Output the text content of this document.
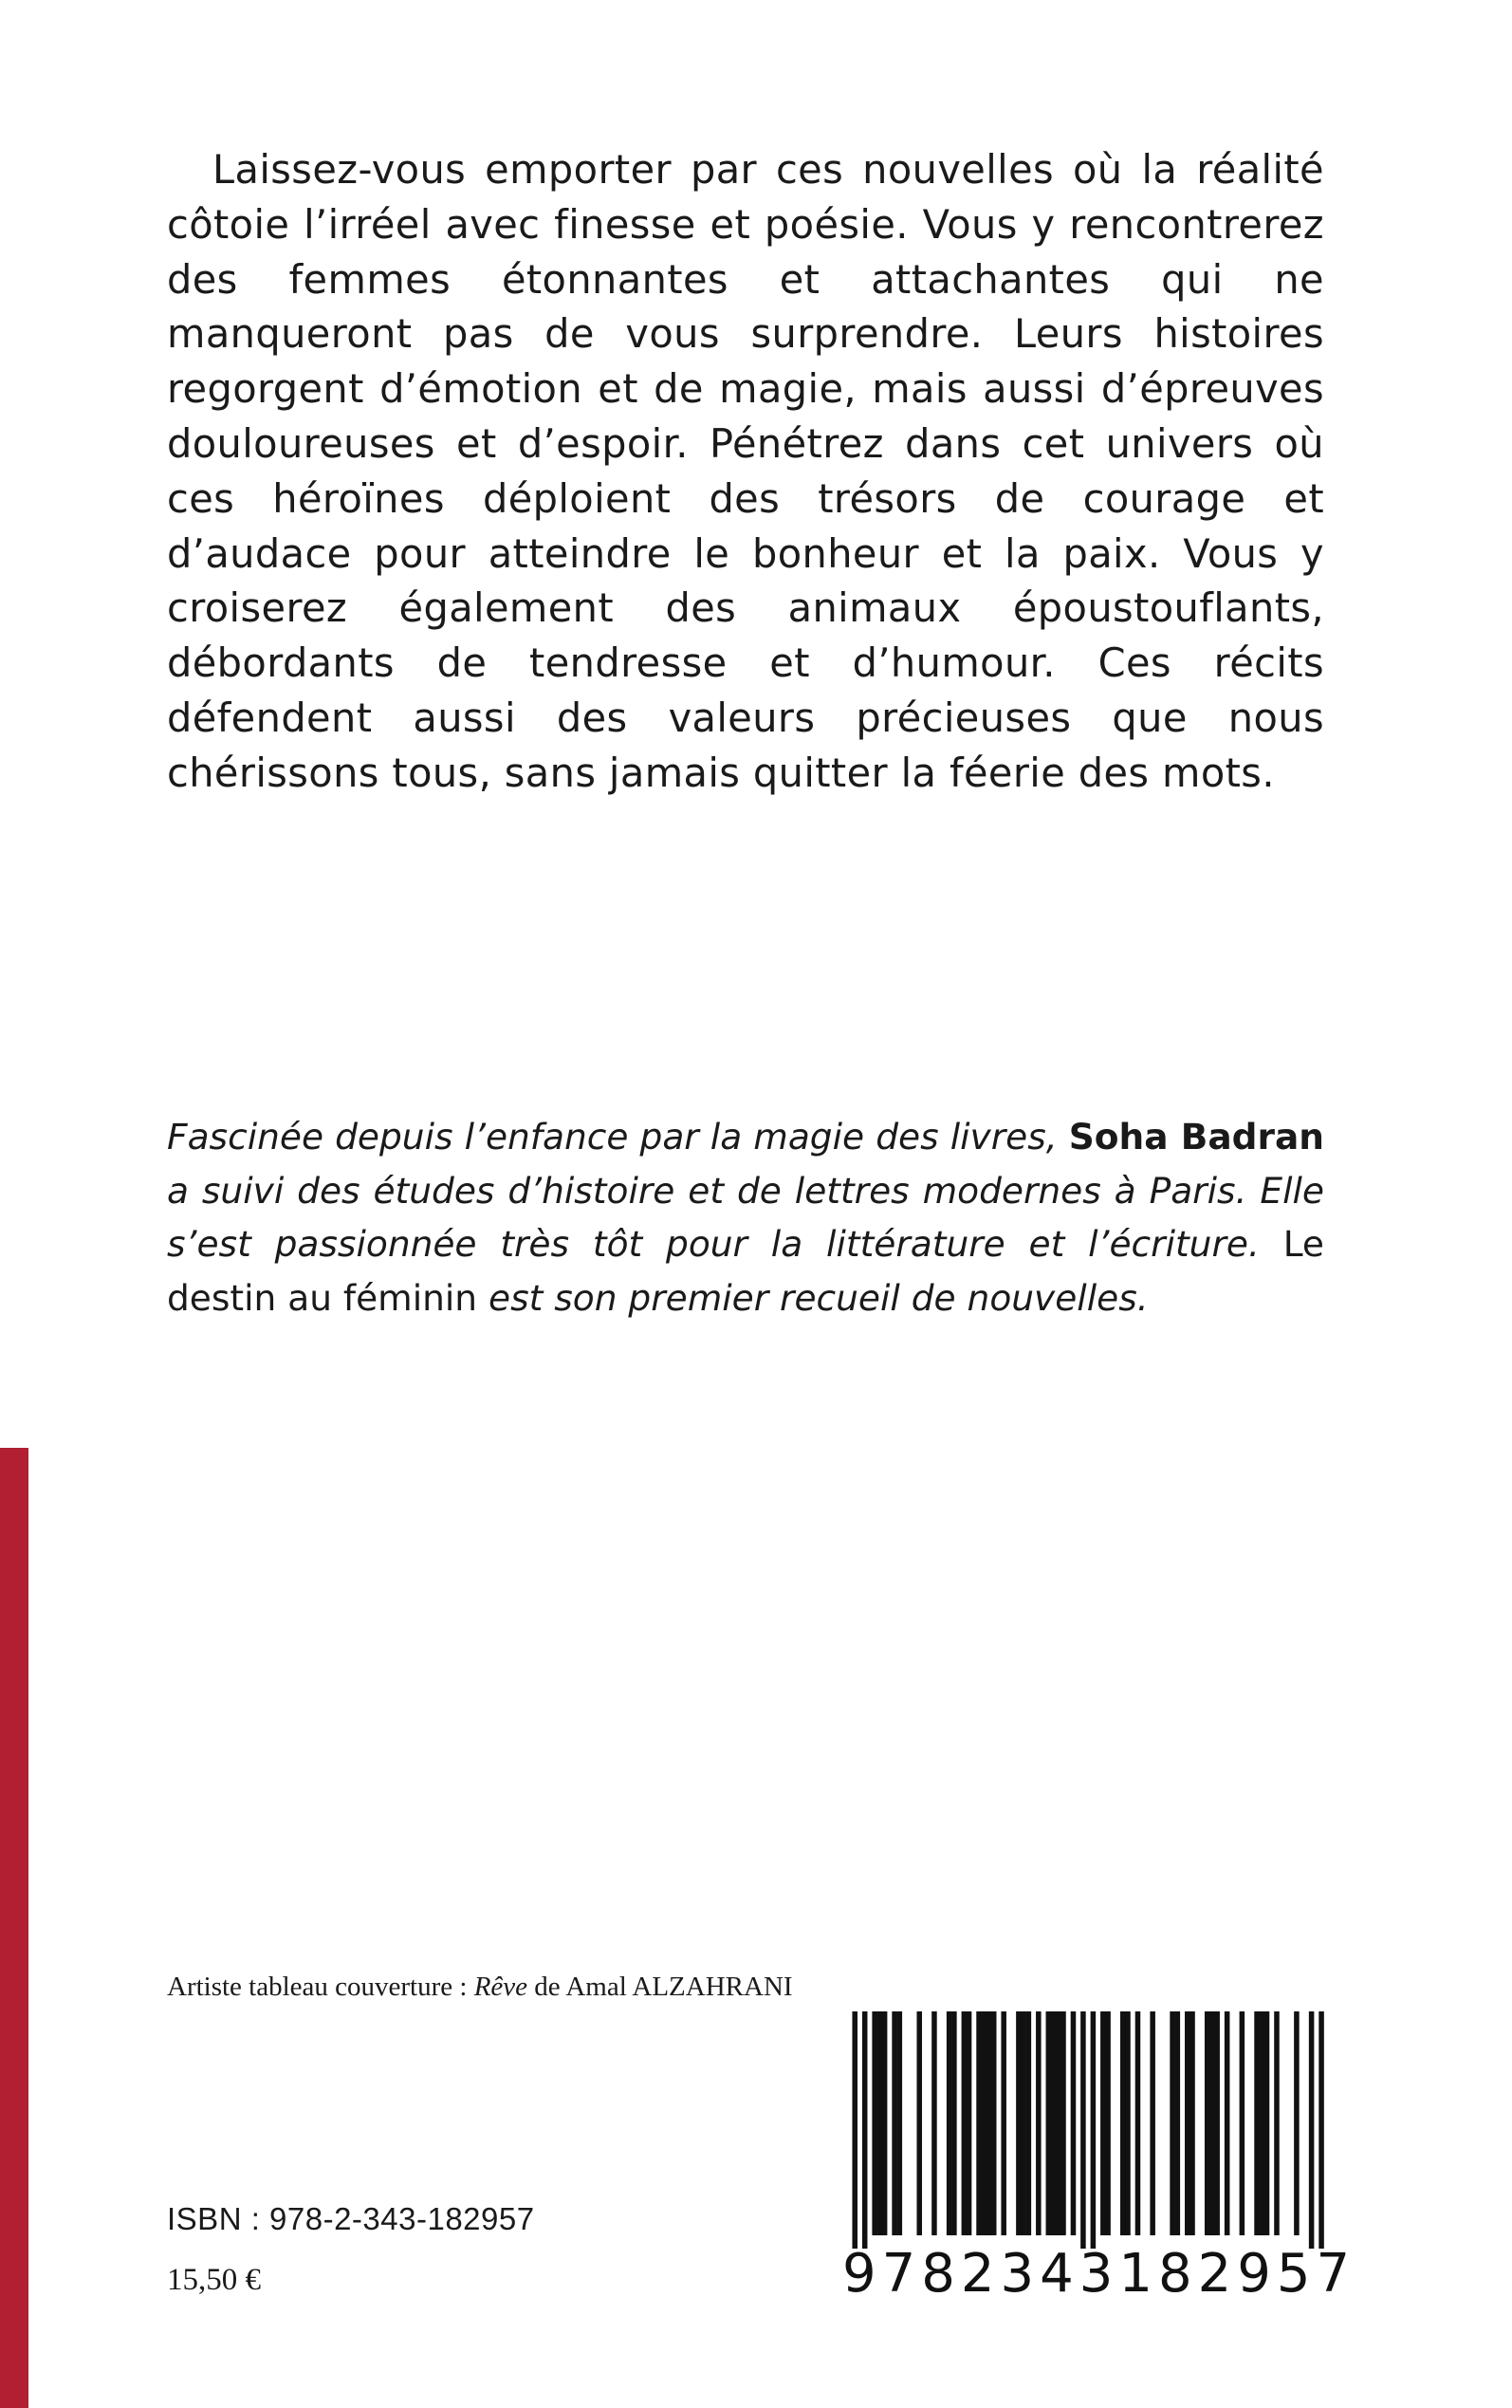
Laissez-vous emporter par ces nouvelles où la réalité côtoie l’irréel avec finesse et poésie. Vous y rencontrerez des femmes étonnantes et attachantes qui ne manqueront pas de vous surprendre. Leurs histoires regorgent d’émotion et de magie, mais aussi d’épreuves douloureuses et d’espoir. Pénétrez dans cet univers où ces héroïnes déploient des trésors de courage et d’audace pour atteindre le bonheur et la paix. Vous y croiserez également des animaux époustouflants, débordants de tendresse et d’humour. Ces récits défendent aussi des valeurs précieuses que nous chérissons tous, sans jamais quitter la féerie des mots.

Fascinée depuis l’enfance par la magie des livres, Soha Badran a suivi des études d’histoire et de lettres modernes à Paris. Elle s’est passionnée très tôt pour la littérature et l’écriture. Le destin au féminin est son premier recueil de nouvelles.

Artiste tableau couverture : Rêve de Amal ALZAHRANI
ISBN : 978-2-343-182957
15,50 €	9782343182957
